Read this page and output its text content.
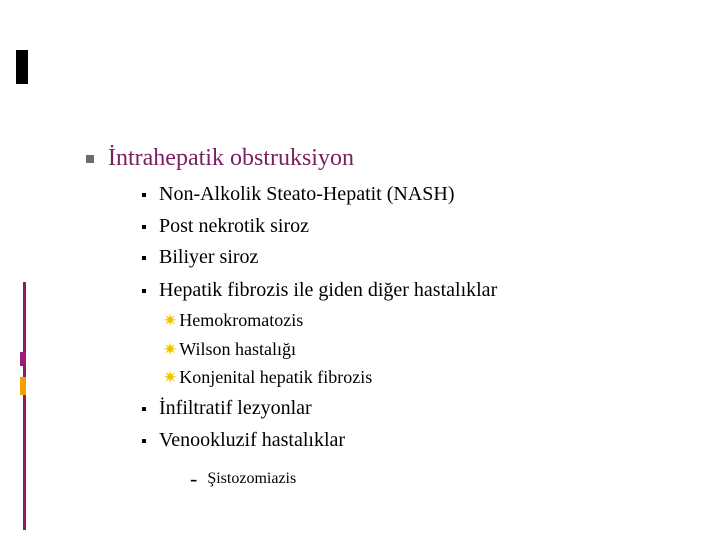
İntrahepatik obstruksiyon
Non-Alkolik Steato-Hepatit (NASH)
Post nekrotik siroz
Biliyer siroz
Hepatik fibrozis ile giden diğer hastalıklar
✷ Hemokromatozis
✷ Wilson hastalığı
✷ Konjenital hepatik fibrozis
İnfiltratif lezyonlar
Venookluzif hastalıklar
- Şistozomiazis
